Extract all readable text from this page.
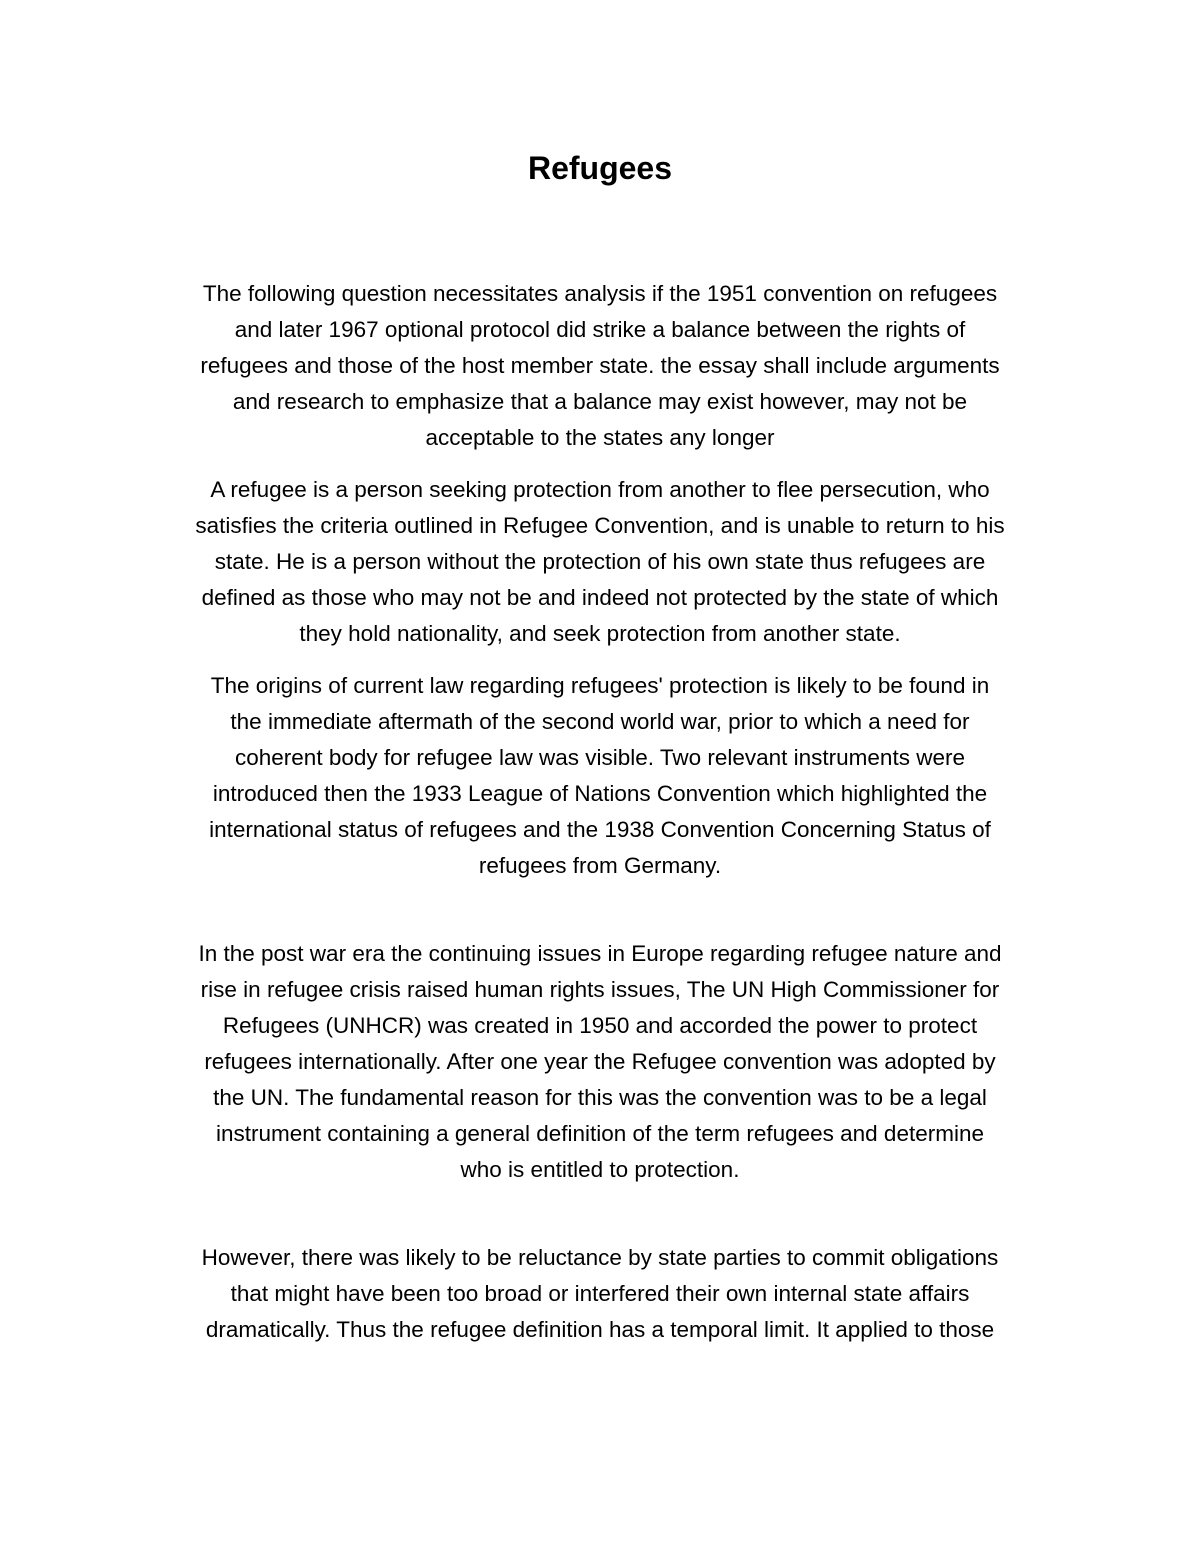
Refugees

The following question necessitates analysis if the 1951 convention on refugees
and later 1967 optional protocol did strike a balance between the rights of
refugees and those of the host member state. the essay shall include arguments
and research to emphasize that a balance may exist however, may not be
acceptable to the states any longer

A refugee is a person seeking protection from another to flee persecution, who
satisfies the criteria outlined in Refugee Convention, and is unable to return to his
state. He is a person without the protection of his own state thus refugees are
defined as those who may not be and indeed not protected by the state of which
they hold nationality, and seek protection from another state.

The origins of current law regarding refugees' protection is likely to be found in
the immediate aftermath of the second world war, prior to which a need for
coherent body for refugee law was visible. Two relevant instruments were
introduced then the 1933 League of Nations Convention which highlighted the
international status of refugees and the 1938 Convention Concerning Status of
refugees from Germany.

In the post war era the continuing issues in Europe regarding refugee nature and
rise in refugee crisis raised human rights issues, The UN High Commissioner for
Refugees (UNHCR) was created in 1950 and accorded the power to protect
refugees internationally. After one year the Refugee convention was adopted by
the UN. The fundamental reason for this was the convention was to be a legal
instrument containing a general definition of the term refugees and determine
who is entitled to protection.

However, there was likely to be reluctance by state parties to commit obligations
that might have been too broad or interfered their own internal state affairs
dramatically. Thus the refugee definition has a temporal limit. It applied to those
